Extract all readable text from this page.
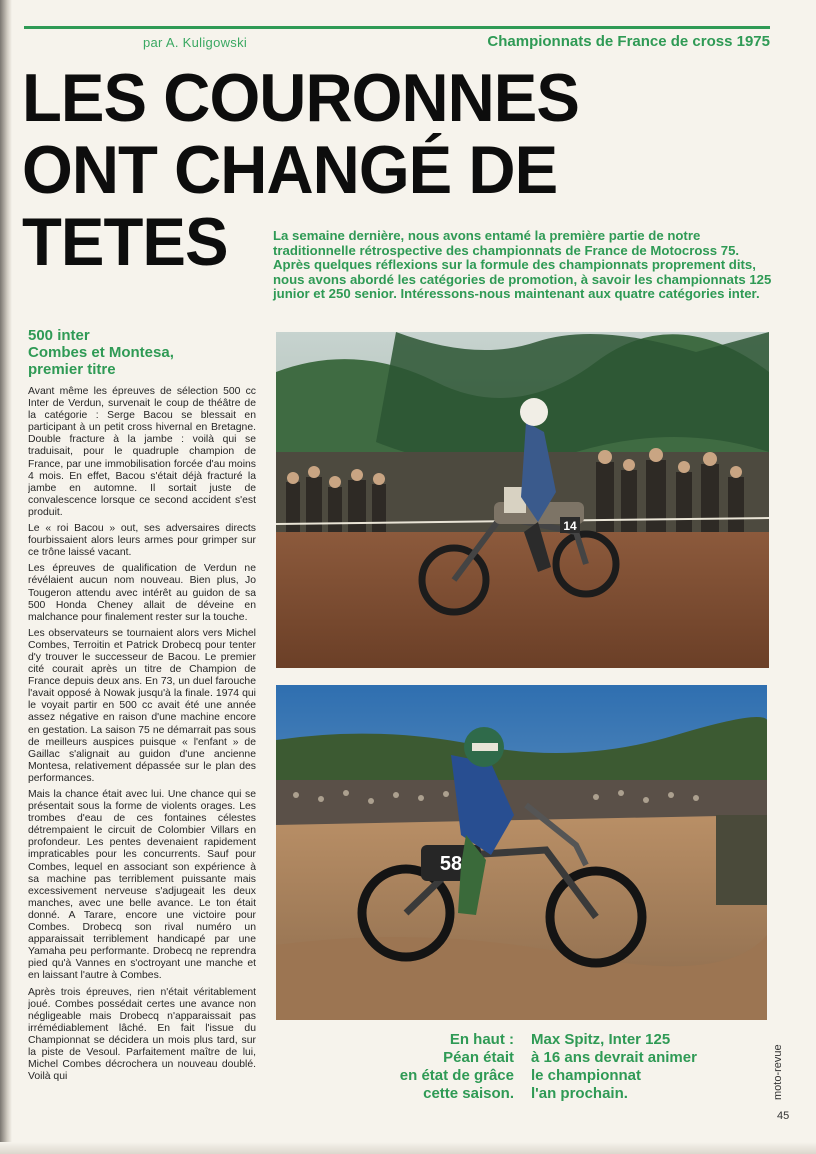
par A. Kuligowski	Championnats de France de cross 1975
LES COURONNES
ONT CHANGÉ DE TETES	La semaine dernière, nous avons entamé la première partie de notre traditionnelle rétrospective des championnats de France de Motocross 75. Après quelques réflexions sur la formule des championnats proprement dits, nous avons abordé les catégories de promotion, à savoir les championnats 125 junior et 250 senior. Intéressons-nous maintenant aux quatre catégories inter.
500 inter
Combes et Montesa,
premier titre

Avant même les épreuves de sélection 500 cc Inter de Verdun, survenait le coup de théâtre de la catégorie : Serge Bacou se blessait en participant à un petit cross hivernal en Bretagne. Double fracture à la jambe : voilà qui se traduisait, pour le quadruple champion de France, par une immobilisation forcée d'au moins 4 mois. En effet, Bacou s'était déjà fracturé la jambe en automne. Il sortait juste de convalescence lorsque ce second accident s'est produit.

Le « roi Bacou » out, ses adversaires directs fourbissaient alors leurs armes pour grimper sur ce trône laissé vacant.

Les épreuves de qualification de Verdun ne révélaient aucun nom nouveau. Bien plus, Jo Tougeron attendu avec intérêt au guidon de sa 500 Honda Cheney allait de déveine en malchance pour finalement rester sur la touche.

Les observateurs se tournaient alors vers Michel Combes, Terroitin et Patrick Drobecq pour tenter d'y trouver le successeur de Bacou. Le premier cité courait après un titre de Champion de France depuis deux ans. En 73, un duel farouche l'avait opposé à Nowak jusqu'à la finale. 1974 qui le voyait partir en 500 cc avait été une année assez négative en raison d'une machine encore en gestation. La saison 75 ne démarrait pas sous de meilleurs auspices puisque « l'enfant » de Gaillac s'alignait au guidon d'une ancienne Montesa, relativement dépassée sur le plan des performances.

Mais la chance était avec lui. Une chance qui se présentait sous la forme de violents orages. Les trombes d'eau de ces fontaines célestes détrempaient le circuit de Colombier Villars en profondeur. Les pentes devenaient rapidement impraticables pour les concurrents. Sauf pour Combes, lequel en associant son expérience à sa machine pas terriblement puissante mais excessivement nerveuse s'adjugeait les deux manches, avec une belle avance. Le ton était donné. A Tarare, encore une victoire pour Combes. Drobecq son rival numéro un apparaissait terriblement handicapé par une Yamaha peu performante. Drobecq ne reprendra pied qu'à Vannes en s'octroyant une manche et en laissant l'autre à Combes.

Après trois épreuves, rien n'était véritablement joué. Combes possédait certes une avance non négligeable mais Drobecq n'apparaissait pas irrémédiablement lâché. En fait l'issue du Championnat se décidera un mois plus tard, sur la piste de Vesoul. Parfaitement maître de lui, Michel Combes décrochera un nouveau doublé. Voilà qui

14
58
En haut :
Péan était
en état de grâce
cette saison.
Max Spitz, Inter 125
à 16 ans devrait animer
le championnat
l'an prochain.	moto-revue
45
